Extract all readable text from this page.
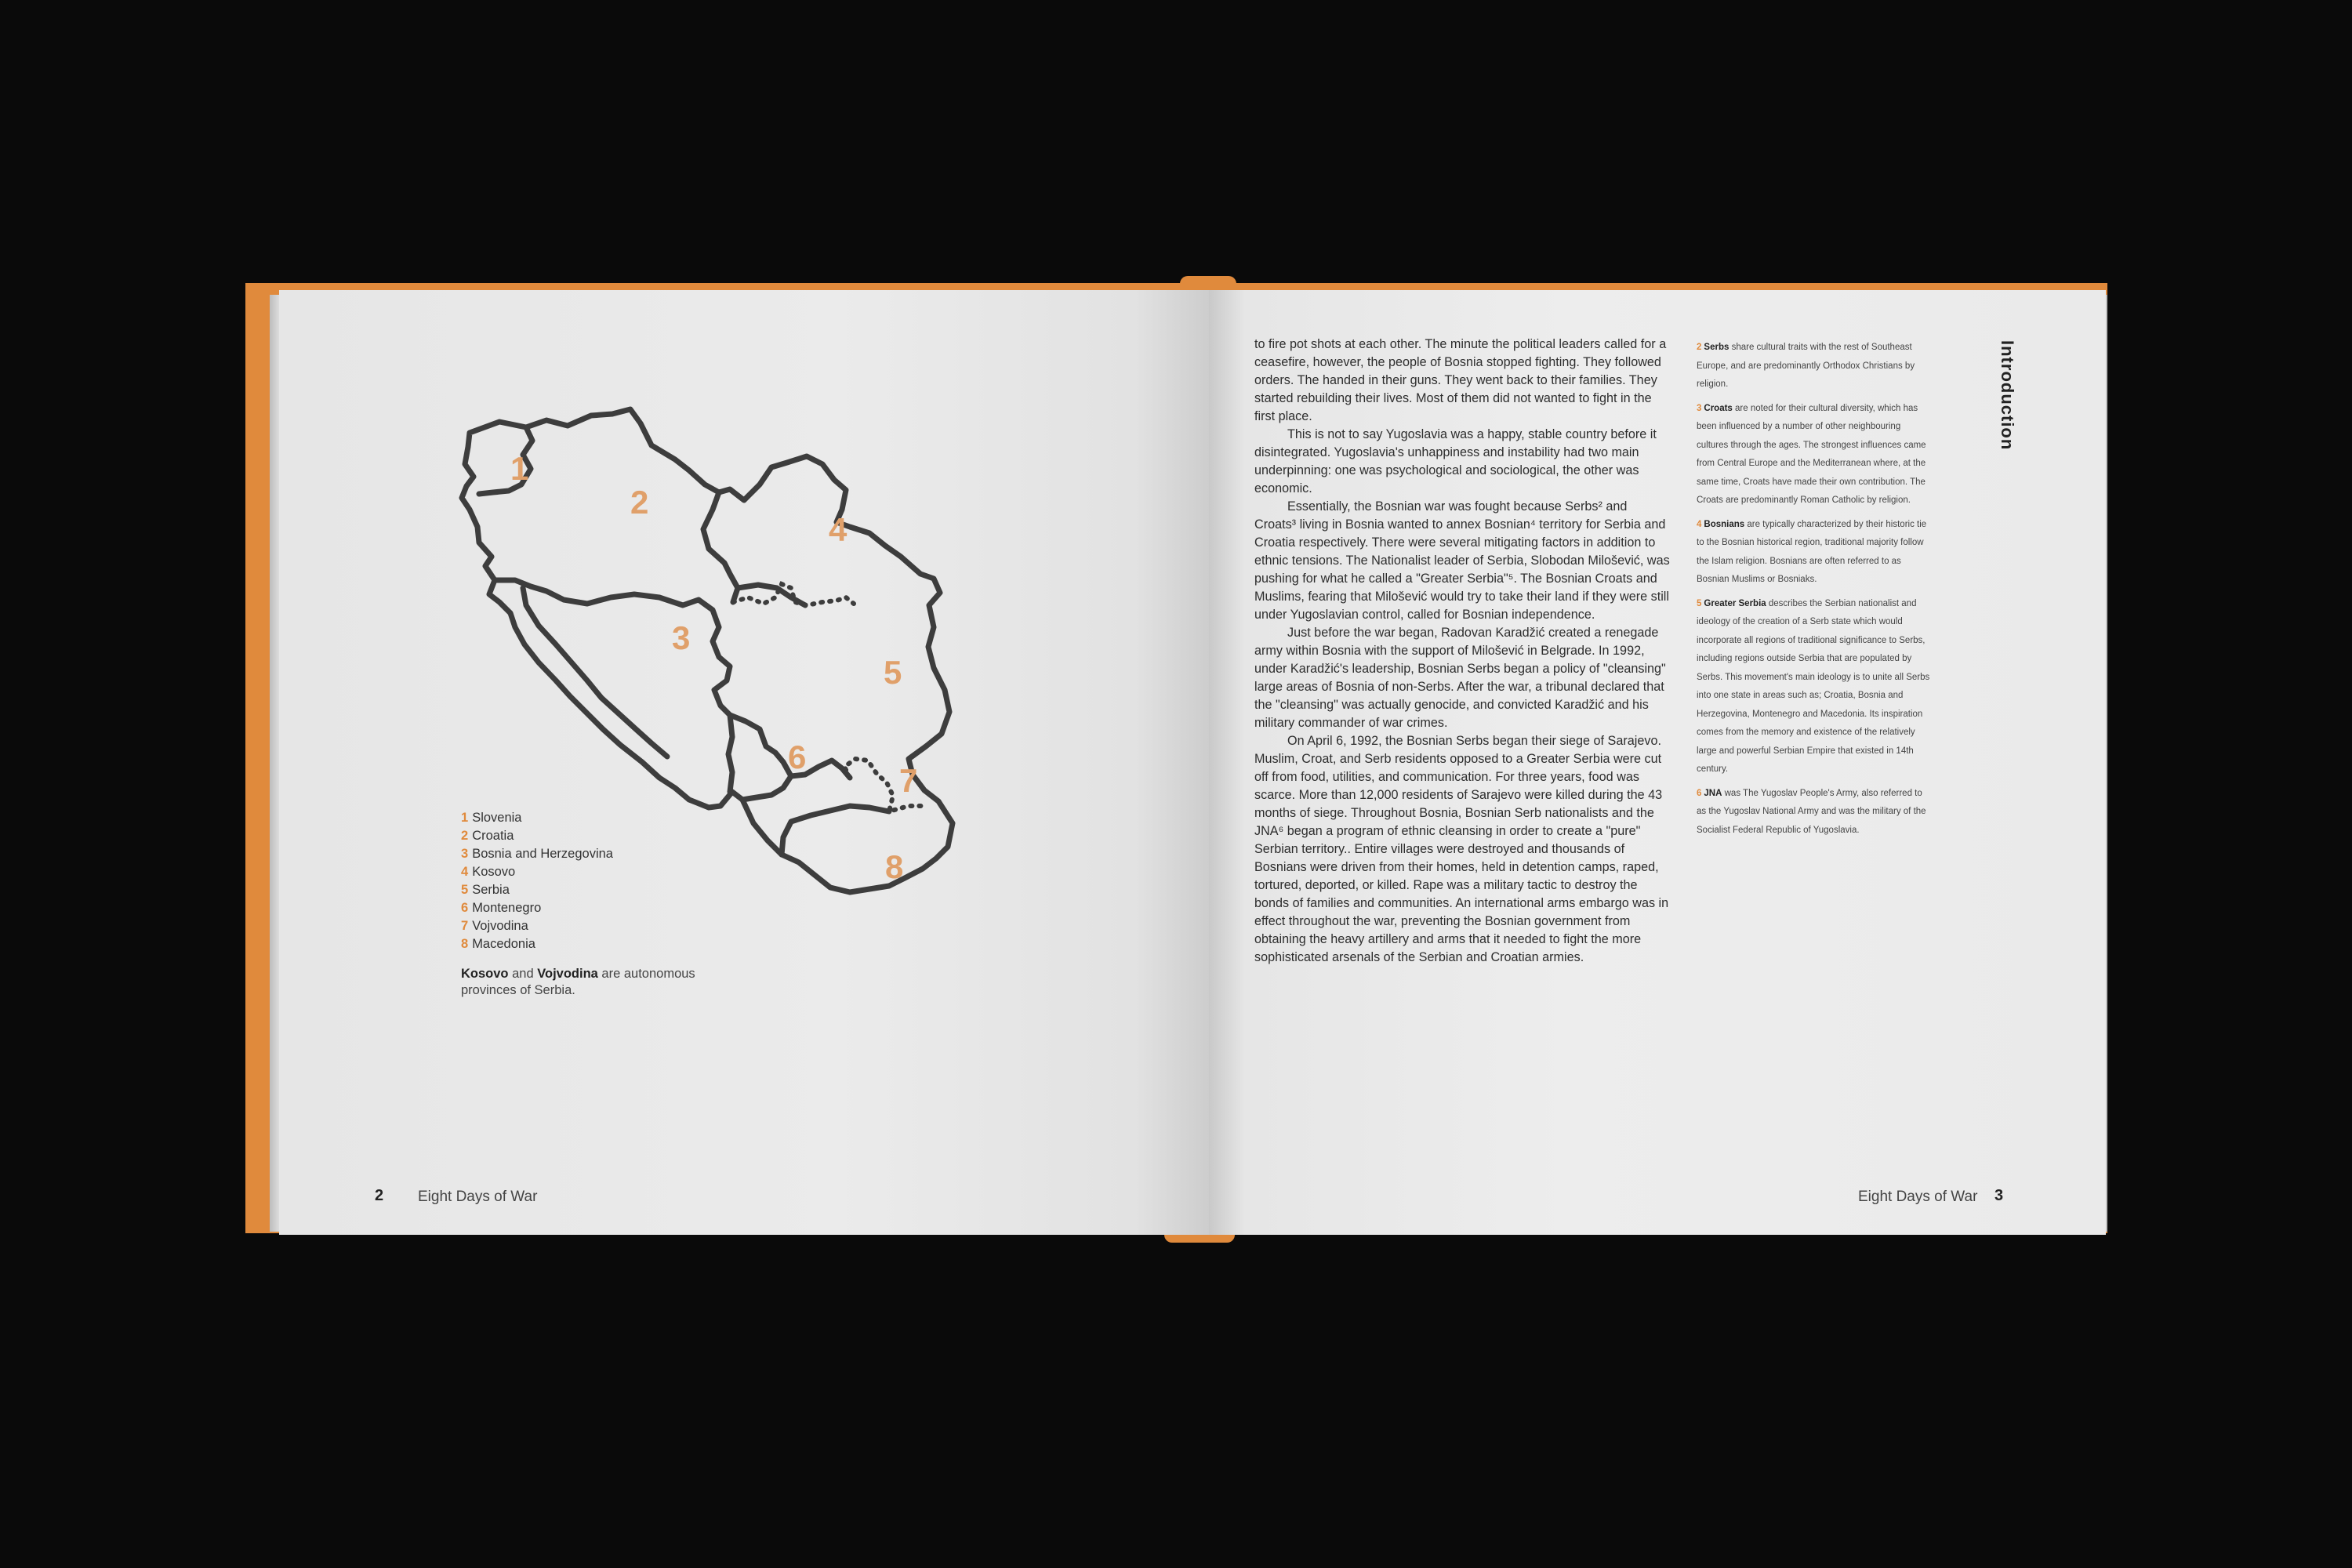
1
2
3
4
5
6
7
8
1 Slovenia
2 Croatia
3 Bosnia and Herzegovina
4 Kosovo
5 Serbia
6 Montenegro
7 Vojvodina
8 Macedonia
Kosovo and Vojvodina are autonomous provinces of Serbia.
2 Eight Days of War

to fire pot shots at each other. The minute the political leaders called for a ceasefire, however, the people of Bosnia stopped fighting. They followed orders. The handed in their guns. They went back to their families. They started rebuilding their lives. Most of them did not wanted to fight in the first place.

This is not to say Yugoslavia was a happy, stable country before it disintegrated. Yugoslavia's unhappiness and instability had two main underpinning: one was psychological and sociological, the other was economic.

Essentially, the Bosnian war was fought because Serbs² and Croats³ living in Bosnia wanted to annex Bosnian⁴ territory for Serbia and Croatia respectively. There were several mitigating factors in addition to ethnic tensions. The Nationalist leader of Serbia, Slobodan Milošević, was pushing for what he called a "Greater Serbia"⁵. The Bosnian Croats and Muslims, fearing that Milošević would try to take their land if they were still under Yugoslavian control, called for Bosnian independence.

Just before the war began, Radovan Karadžić created a renegade army within Bosnia with the support of Milošević in Belgrade. In 1992, under Karadžić's leadership, Bosnian Serbs began a policy of "cleansing" large areas of Bosnia of non-Serbs. After the war, a tribunal declared that the "cleansing" was actually genocide, and convicted Karadžić and his military commander of war crimes.

On April 6, 1992, the Bosnian Serbs began their siege of Sarajevo. Muslim, Croat, and Serb residents opposed to a Greater Serbia were cut off from food, utilities, and communication. For three years, food was scarce. More than 12,000 residents of Sarajevo were killed during the 43 months of siege. Throughout Bosnia, Bosnian Serb nationalists and the JNA⁶ began a program of ethnic cleansing in order to create a "pure" Serbian territory.. Entire villages were destroyed and thousands of Bosnians were driven from their homes, held in detention camps, raped, tortured, deported, or killed. Rape was a military tactic to destroy the bonds of families and communities. An international arms embargo was in effect throughout the war, preventing the Bosnian government from obtaining the heavy artillery and arms that it needed to fight the more sophisticated arsenals of the Serbian and Croatian armies.

2 Serbs share cultural traits with the rest of Southeast Europe, and are predominantly Orthodox Christians by religion.

3 Croats are noted for their cultural diversity, which has been influenced by a number of other neighbouring cultures through the ages. The strongest influences came from Central Europe and the Mediterranean where, at the same time, Croats have made their own contribution. The Croats are predominantly Roman Catholic by religion.

4 Bosnians are typically characterized by their historic tie to the Bosnian historical region, traditional majority follow the Islam religion. Bosnians are often referred to as Bosnian Muslims or Bosniaks.

5 Greater Serbia describes the Serbian nationalist and ideology of the creation of a Serb state which would incorporate all regions of traditional significance to Serbs, including regions outside Serbia that are populated by Serbs. This movement's main ideology is to unite all Serbs into one state in areas such as; Croatia, Bosnia and Herzegovina, Montenegro and Macedonia. Its inspiration comes from the memory and existence of the relatively large and powerful Serbian Empire that existed in 14th century.

6 JNA was The Yugoslav People's Army, also referred to as the Yugoslav National Army and was the military of the Socialist Federal Republic of Yugoslavia.

Introduction
Eight Days of War 3
